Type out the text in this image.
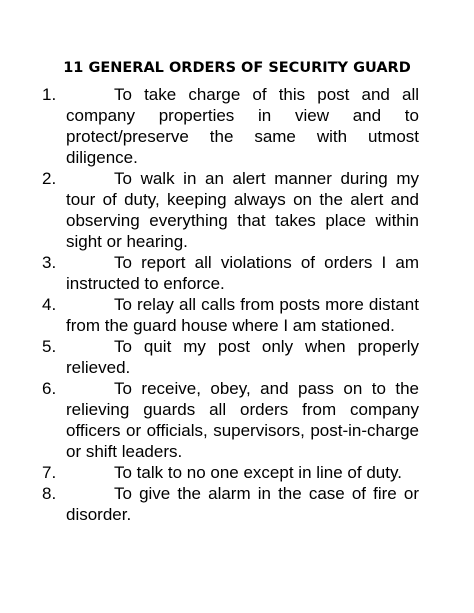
11 GENERAL ORDERS OF SECURITY GUARD
1.	To take charge of this post and all company properties in view and to protect/preserve the same with utmost diligence.
2.	To walk in an alert manner during my tour of duty, keeping always on the alert and observing everything that takes place within sight or hearing.
3.	To report all violations of orders I am instructed to enforce.
4.	To relay all calls from posts more distant from the guard house where I am stationed.
5.	To quit my post only when properly relieved.
6.	To receive, obey, and pass on to the relieving guards all orders from company officers or officials, supervisors, post-in-charge or shift leaders.
7.	To talk to no one except in line of duty.
8.	To give the alarm in the case of fire or disorder.
